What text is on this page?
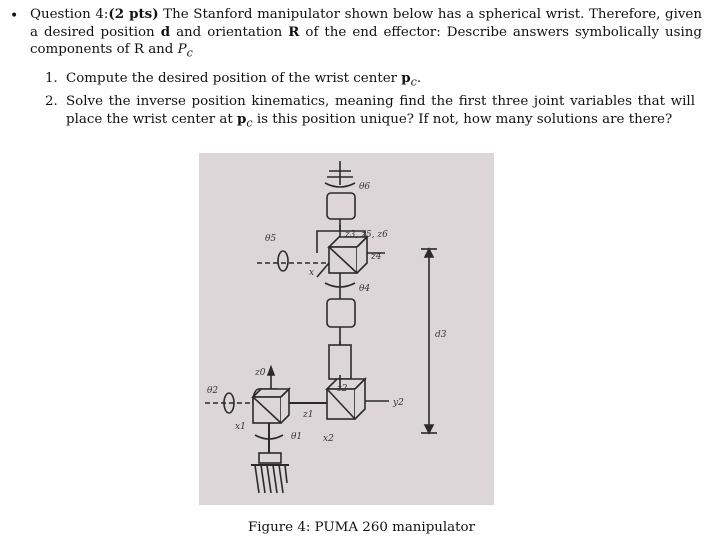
• Question 4:(2 pts) The Stanford manipulator shown below has a spherical wrist. Therefore, given a desired position d and orientation R of the end effector: Describe answers symbolically using components of R and $P_c$
1. Compute the desired position of the wrist center $p_c$.
2. Solve the inverse position kinematics, meaning find the first three joint variables that will place the wrist center at $p_c$ is this position unique? If not, how many solutions are there?
θ6
z3, z5, z6
θ5
z4
x
θ4
d3
z0
θ2	z2
y2
x1
z1
θ1 x2
Figure 4: PUMA 260 manipulator
